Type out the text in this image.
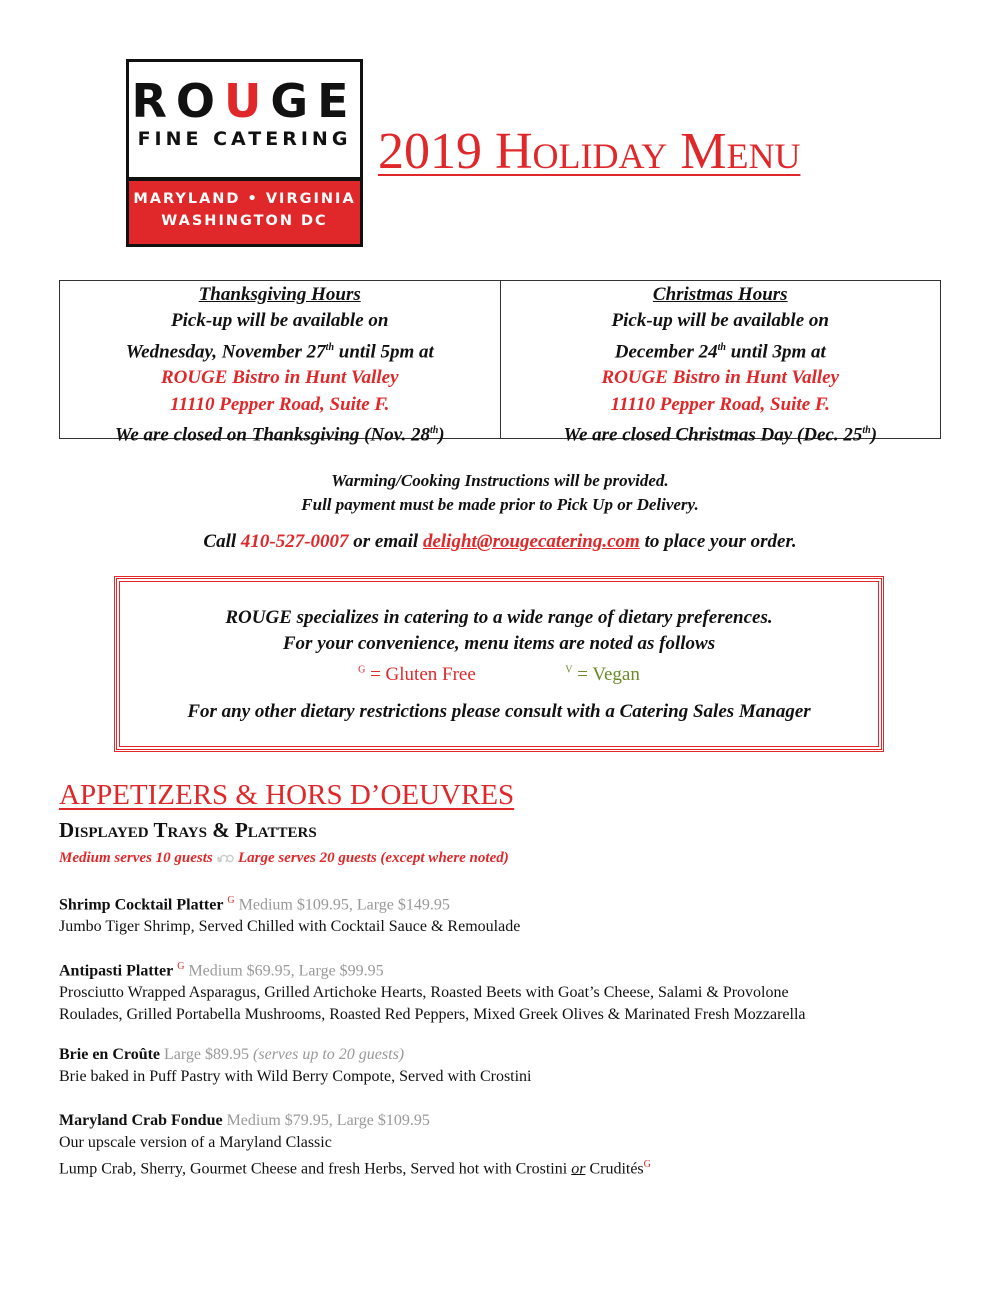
ROUGE
FINE CATERING
MARYLAND • VIRGINIA
WASHINGTON DC
2019 Holiday Menu
Thanksgiving Hours
Pick-up will be available on
Wednesday, November 27th until 5pm at
ROUGE Bistro in Hunt Valley
11110 Pepper Road, Suite F.
We are closed on Thanksgiving (Nov. 28th)
Christmas Hours
Pick-up will be available on
December 24th until 3pm at
ROUGE Bistro in Hunt Valley
11110 Pepper Road, Suite F.
We are closed Christmas Day (Dec. 25th)
Warming/Cooking Instructions will be provided.
Full payment must be made prior to Pick Up or Delivery.
Call 410-527-0007 or email delight@rougecatering.com to place your order.
ROUGE specializes in catering to a wide range of dietary preferences.
For your convenience, menu items are noted as follows
$^G$ = Gluten Free	$^V$ = Vegan
For any other dietary restrictions please consult with a Catering Sales Manager
APPETIZERS & HORS D’OEUVRES
Displayed Trays & Platters
Medium serves 10 guests ꩲ Large serves 20 guests (except where noted)
Shrimp Cocktail Platter $^G$ Medium $109.95, Large $149.95
Jumbo Tiger Shrimp, Served Chilled with Cocktail Sauce & Remoulade
Antipasti Platter $^G$ Medium $69.95, Large $99.95
Prosciutto Wrapped Asparagus, Grilled Artichoke Hearts, Roasted Beets with Goat’s Cheese, Salami & Provolone
Roulades, Grilled Portabella Mushrooms, Roasted Red Peppers, Mixed Greek Olives & Marinated Fresh Mozzarella
Brie en Croûte Large $89.95 (serves up to 20 guests)
Brie baked in Puff Pastry with Wild Berry Compote, Served with Crostini
Maryland Crab Fondue Medium $79.95, Large $109.95
Our upscale version of a Maryland Classic
Lump Crab, Sherry, Gourmet Cheese and fresh Herbs, Served hot with Crostini or Crudités$^G$
